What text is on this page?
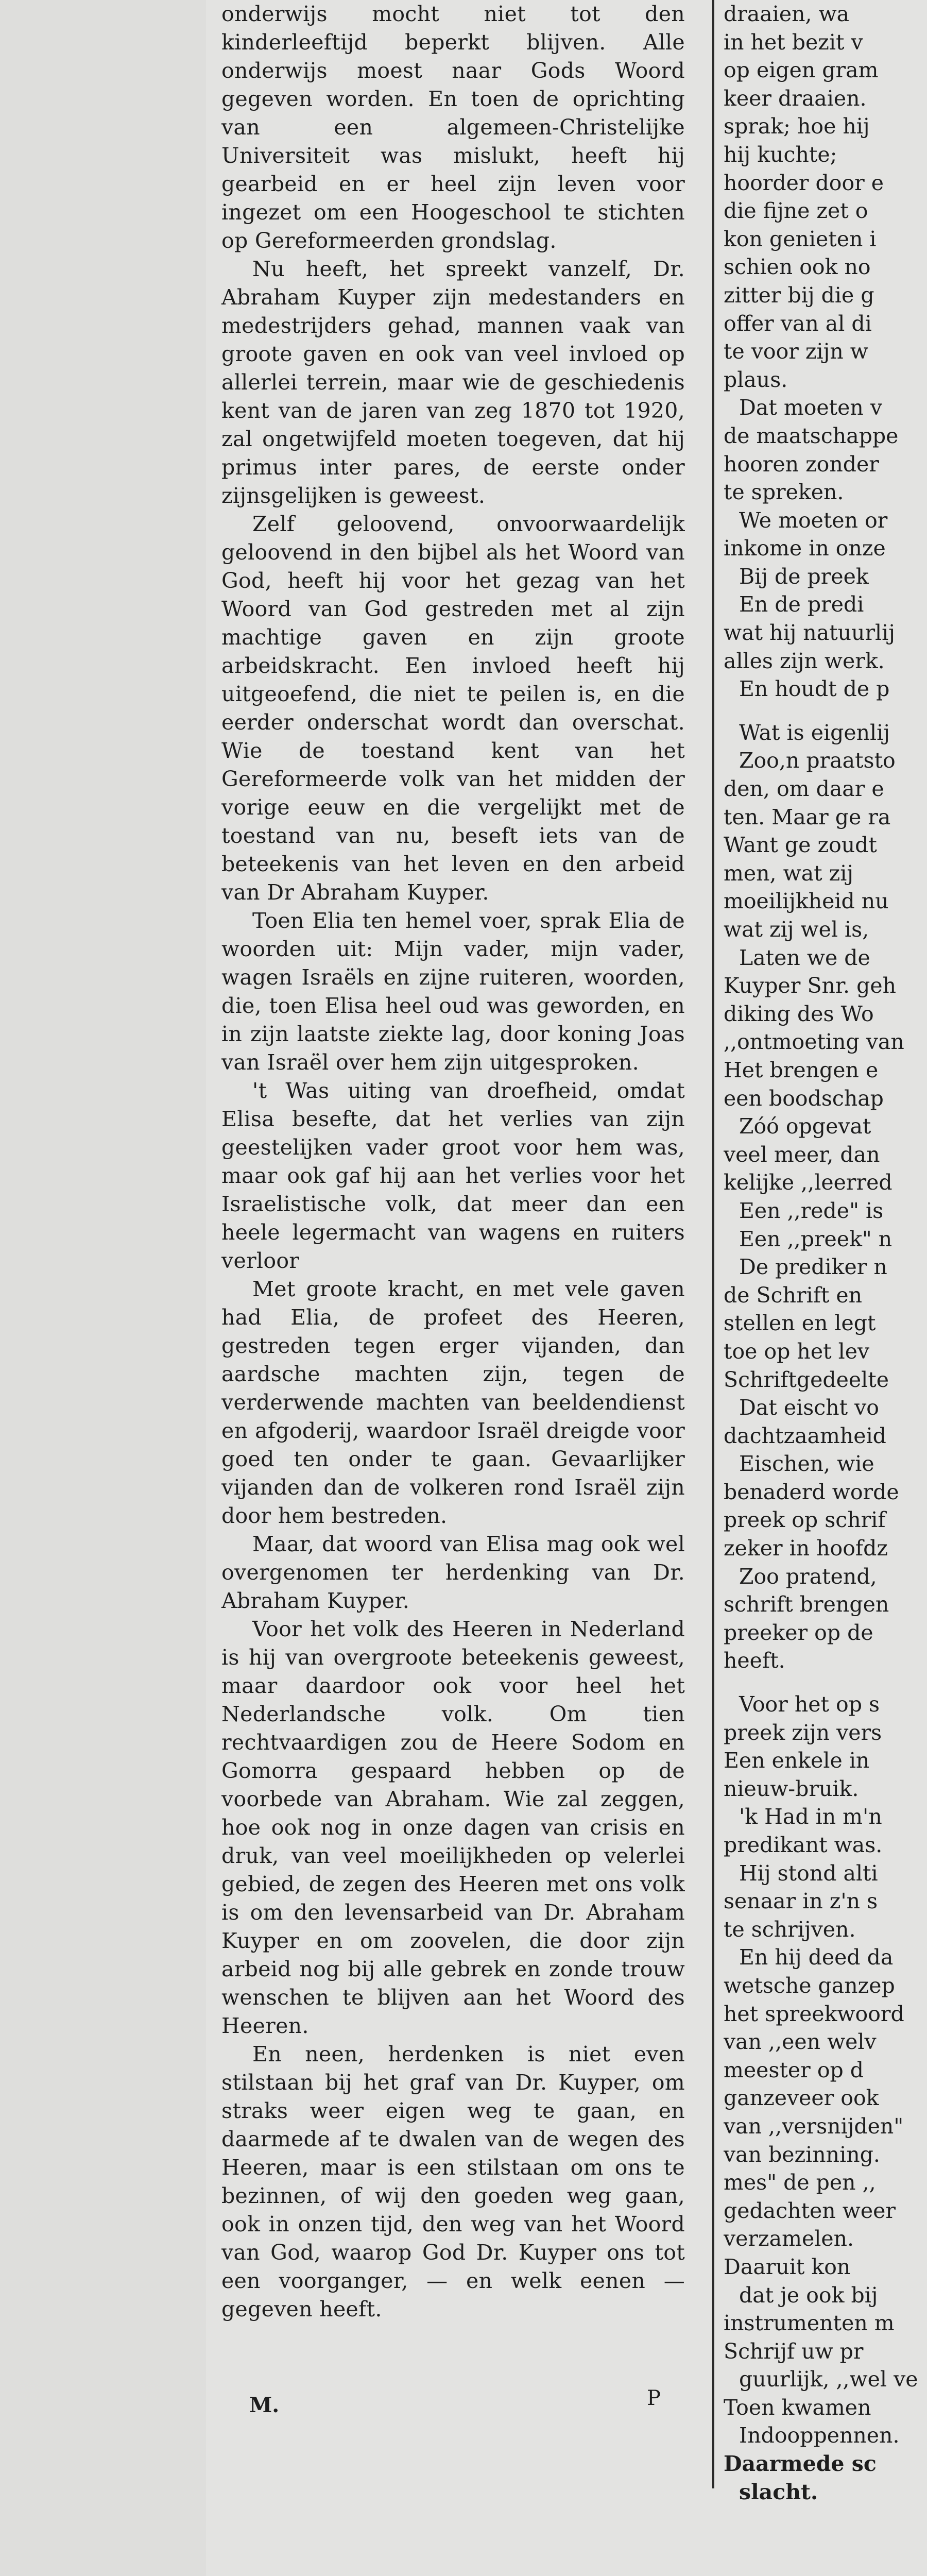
onderwijs mocht niet tot den kinderleeftijd beperkt blijven. Alle onderwijs moest naar Gods Woord gegeven worden. En toen de oprichting van een algemeen-Christelijke Universiteit was mislukt, heeft hij gearbeid en er heel zijn leven voor ingezet om een Hoogeschool te stichten op Gereformeerden grondslag.

Nu heeft, het spreekt vanzelf, Dr. Abraham Kuyper zijn medestanders en medestrijders gehad, mannen vaak van groote gaven en ook van veel invloed op allerlei terrein, maar wie de geschiedenis kent van de jaren van zeg 1870 tot 1920, zal ongetwijfeld moeten toegeven, dat hij primus inter pares, de eerste onder zijnsgelijken is geweest.

Zelf geloovend, onvoorwaardelijk geloovend in den bijbel als het Woord van God, heeft hij voor het gezag van het Woord van God gestreden met al zijn machtige gaven en zijn groote arbeidskracht. Een invloed heeft hij uitgeoefend, die niet te peilen is, en die eerder onderschat wordt dan overschat. Wie de toestand kent van het Gereformeerde volk van het midden der vorige eeuw en die vergelijkt met de toestand van nu, beseft iets van de beteekenis van het leven en den arbeid van Dr Abraham Kuyper.

Toen Elia ten hemel voer, sprak Elia de woorden uit: Mijn vader, mijn vader, wagen Israëls en zijne ruiteren, woorden, die, toen Elisa heel oud was geworden, en in zijn laatste ziekte lag, door koning Joas van Israël over hem zijn uitgesproken.

't Was uiting van droefheid, omdat Elisa besefte, dat het verlies van zijn geestelijken vader groot voor hem was, maar ook gaf hij aan het verlies voor het Israelistische volk, dat meer dan een heele legermacht van wagens en ruiters verloor

Met groote kracht, en met vele gaven had Elia, de profeet des Heeren, gestreden tegen erger vijanden, dan aardsche machten zijn, tegen de verderwende machten van beeldendienst en afgoderij, waardoor Israël dreigde voor goed ten onder te gaan. Gevaarlijker vijanden dan de volkeren rond Israël zijn door hem bestreden.

Maar, dat woord van Elisa mag ook wel overgenomen ter herdenking van Dr. Abraham Kuyper.

Voor het volk des Heeren in Nederland is hij van overgroote beteekenis geweest, maar daardoor ook voor heel het Nederlandsche volk. Om tien rechtvaardigen zou de Heere Sodom en Gomorra gespaard hebben op de voorbede van Abraham. Wie zal zeggen, hoe ook nog in onze dagen van crisis en druk, van veel moeilijkheden op velerlei gebied, de zegen des Heeren met ons volk is om den levensarbeid van Dr. Abraham Kuyper en om zoovelen, die door zijn arbeid nog bij alle gebrek en zonde trouw wenschen te blijven aan het Woord des Heeren.

En neen, herdenken is niet even stilstaan bij het graf van Dr. Kuyper, om straks weer eigen weg te gaan, en daarmede af te dwalen van de wegen des Heeren, maar is een stilstaan om ons te bezinnen, of wij den goeden weg gaan, ook in onzen tijd, den weg van het Woord van God, waarop God Dr. Kuyper ons tot een voorganger, — en welk eenen — gegeven heeft.

M.	P
draaien, wa
in het bezit v
op eigen gram
keer draaien.
sprak; hoe hij
hij kuchte;
hoorder door e
die fijne zet o
kon genieten i
schien ook no
zitter bij die g
offer van al di
te voor zijn w
plaus.
Dat moeten v
de maatschappe
hooren zonder
te spreken.
We moeten or
inkome in onze
Bij de preek
En de predi
wat hij natuurlij
alles zijn werk.
En houdt de p
Wat is eigenlij
Zoo,n praatsto
den, om daar e
ten. Maar ge ra
Want ge zoudt
men, wat zij
moeilijkheid nu
wat zij wel is,
Laten we de
Kuyper Snr. geh
diking des Wo
,,ontmoeting van
Het brengen e
een boodschap
Zóó opgevat
veel meer, dan
kelijke ,,leerred
Een ,,rede" is
Een ,,preek" n
De prediker n
de Schrift en
stellen en legt
toe op het lev
Schriftgedeelte
Dat eischt vo
dachtzaamheid
Eischen, wie
benaderd worde
preek op schrif
zeker in hoofdz
Zoo pratend,
schrift brengen
preeker op de
heeft.
Voor het op s
preek zijn vers
Een enkele in
nieuw-bruik.
'k Had in m'n
predikant was.
Hij stond alti
senaar in z'n s
te schrijven.
En hij deed da
wetsche ganzep
het spreekwoord
van ,,een welv
meester op d
ganzeveer ook
van ,,versnijden"
van bezinning.
mes" de pen ,,
gedachten weer
verzamelen.
Daaruit kon
dat je ook bij
instrumenten m
Schrijf uw pr
guurlijk, ,,wel ve
Toen kwamen
Indooppennen.
Daarmede sc
slacht.
